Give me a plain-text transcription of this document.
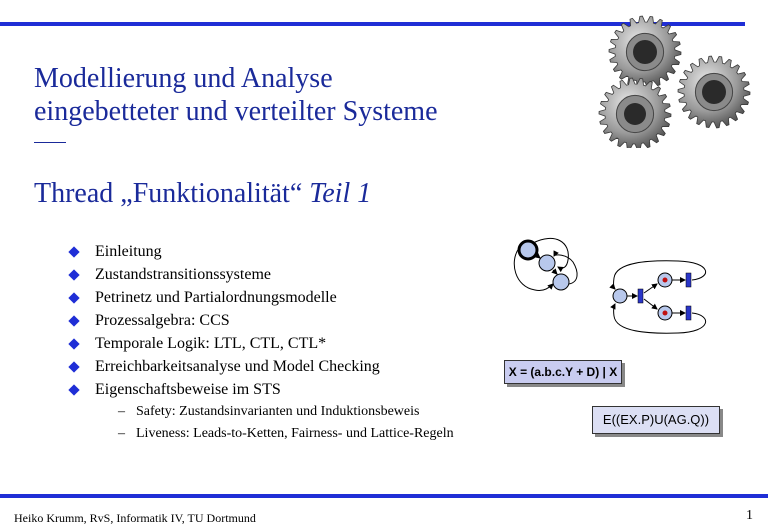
Modellierung und Analyse
eingebetteter und verteilter Systeme
Thread „Funktionalität“ Teil 1
Einleitung
Zustandstransitionssysteme
Petrinetz und Partialordnungsmodelle
Prozessalgebra: CCS
Temporale Logik: LTL, CTL, CTL*
Erreichbarkeitsanalyse und Model Checking
Eigenschaftsbeweise im STS
– Safety: Zustandsinvarianten und Induktionsbeweis
– Liveness: Leads-to-Ketten, Fairness- und Lattice-Regeln
X = (a.b.c.Y + D) | X
E((EX.P)U(AG.Q))
Heiko Krumm, RvS, Informatik IV, TU Dortmund	1
